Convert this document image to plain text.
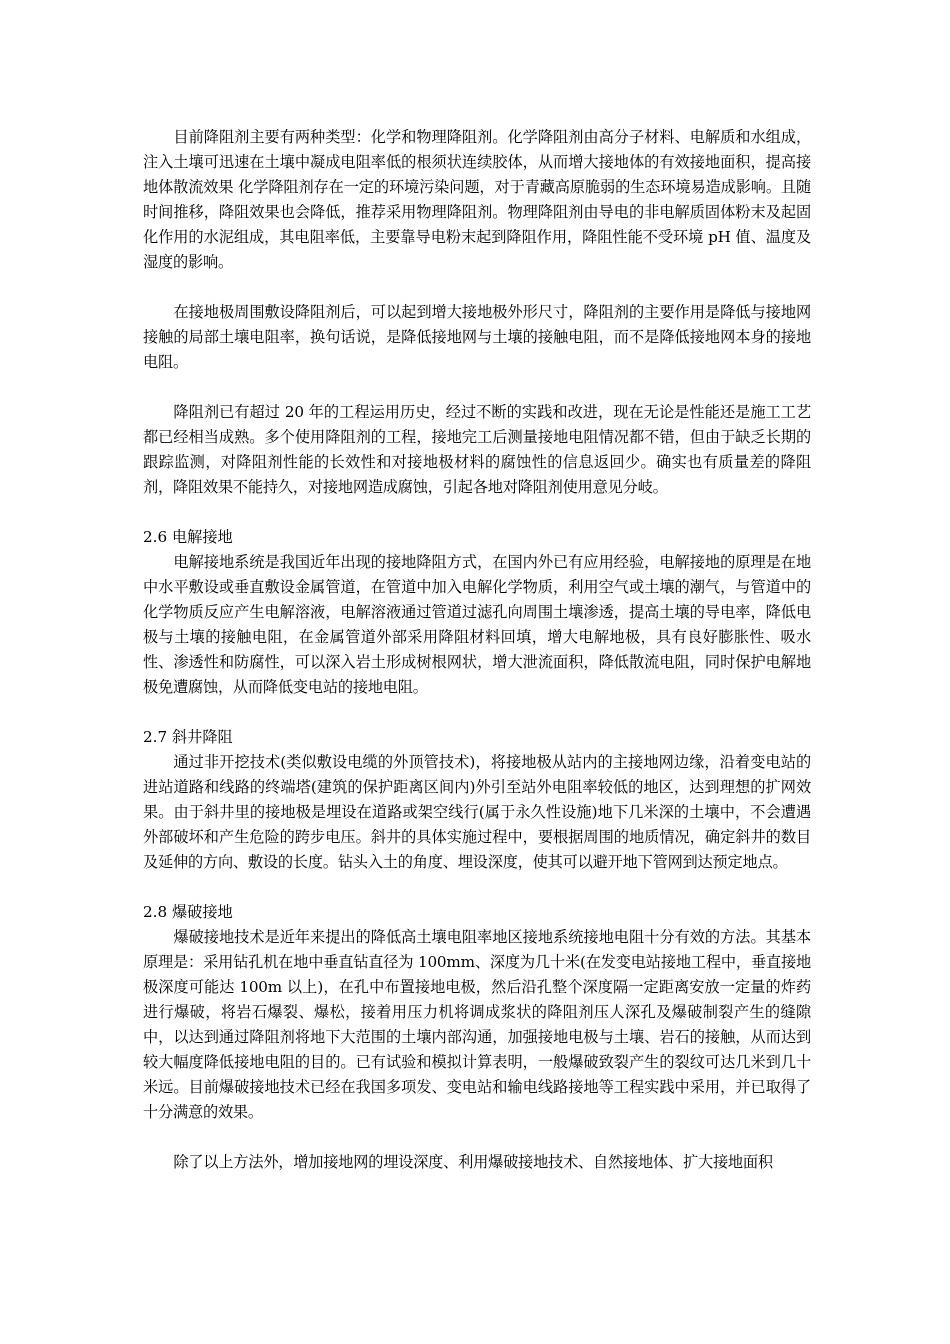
目前降阻剂主要有两种类型：化学和物理降阻剂。化学降阻剂由高分子材料、电解质和水组成，注入土壤可迅速在土壤中凝成电阻率低的根须状连续胶体，从而增大接地体的有效接地面积，提高接地体散流效果 化学降阻剂存在一定的环境污染问题，对于青藏高原脆弱的生态环境易造成影响。且随时间推移，降阻效果也会降低，推荐采用物理降阻剂。物理降阻剂由导电的非电解质固体粉末及起固化作用的水泥组成，其电阻率低，主要靠导电粉末起到降阻作用，降阻性能不受环境 pH 值、温度及湿度的影响。

在接地极周围敷设降阻剂后，可以起到增大接地极外形尺寸，降阻剂的主要作用是降低与接地网接触的局部土壤电阻率，换句话说，是降低接地网与土壤的接触电阻，而不是降低接地网本身的接地电阻。

降阻剂已有超过 20 年的工程运用历史，经过不断的实践和改进，现在无论是性能还是施工工艺都已经相当成熟。多个使用降阻剂的工程，接地完工后测量接地电阻情况都不错，但由于缺乏长期的跟踪监测，对降阻剂性能的长效性和对接地极材料的腐蚀性的信息返回少。确实也有质量差的降阻剂，降阻效果不能持久，对接地网造成腐蚀，引起各地对降阻剂使用意见分岐。

2.6 电解接地

电解接地系统是我国近年出现的接地降阻方式，在国内外已有应用经验，电解接地的原理是在地中水平敷设或垂直敷设金属管道，在管道中加入电解化学物质，利用空气或土壤的潮气，与管道中的化学物质反应产生电解溶液，电解溶液通过管道过滤孔向周围土壤渗透，提高土壤的导电率，降低电极与土壤的接触电阻，在金属管道外部采用降阻材料回填，增大电解地极，具有良好膨胀性、吸水性、渗透性和防腐性，可以深入岩土形成树根网状，增大泄流面积，降低散流电阻，同时保护电解地极免遭腐蚀，从而降低变电站的接地电阻。

2.7 斜井降阻

通过非开挖技术(类似敷设电缆的外顶管技术)，将接地极从站内的主接地网边缘，沿着变电站的进站道路和线路的终端塔(建筑的保护距离区间内)外引至站外电阻率较低的地区，达到理想的扩网效果。由于斜井里的接地极是埋设在道路或架空线行(属于永久性设施)地下几米深的土壤中，不会遭遇外部破坏和产生危险的跨步电压。斜井的具体实施过程中，要根据周围的地质情况，确定斜井的数目及延伸的方向、敷设的长度。钻头入土的角度、埋设深度，使其可以避开地下管网到达预定地点。

2.8 爆破接地

爆破接地技术是近年来提出的降低高土壤电阻率地区接地系统接地电阻十分有效的方法。其基本原理是：采用钻孔机在地中垂直钻直径为 100mm、深度为几十米(在发变电站接地工程中，垂直接地极深度可能达 100m 以上)，在孔中布置接地电极，然后沿孔整个深度隔一定距离安放一定量的炸药进行爆破，将岩石爆裂、爆松，接着用压力机将调成浆状的降阻剂压人深孔及爆破制裂产生的缝隙中，以达到通过降阻剂将地下大范围的土壤内部沟通，加强接地电极与土壤、岩石的接触，从而达到较大幅度降低接地电阻的目的。已有试验和模拟计算表明，一般爆破致裂产生的裂纹可达几米到几十米远。目前爆破接地技术已经在我国多项发、变电站和输电线路接地等工程实践中采用，并已取得了十分满意的效果。

除了以上方法外，增加接地网的埋设深度、利用爆破接地技术、自然接地体、扩大接地面积
